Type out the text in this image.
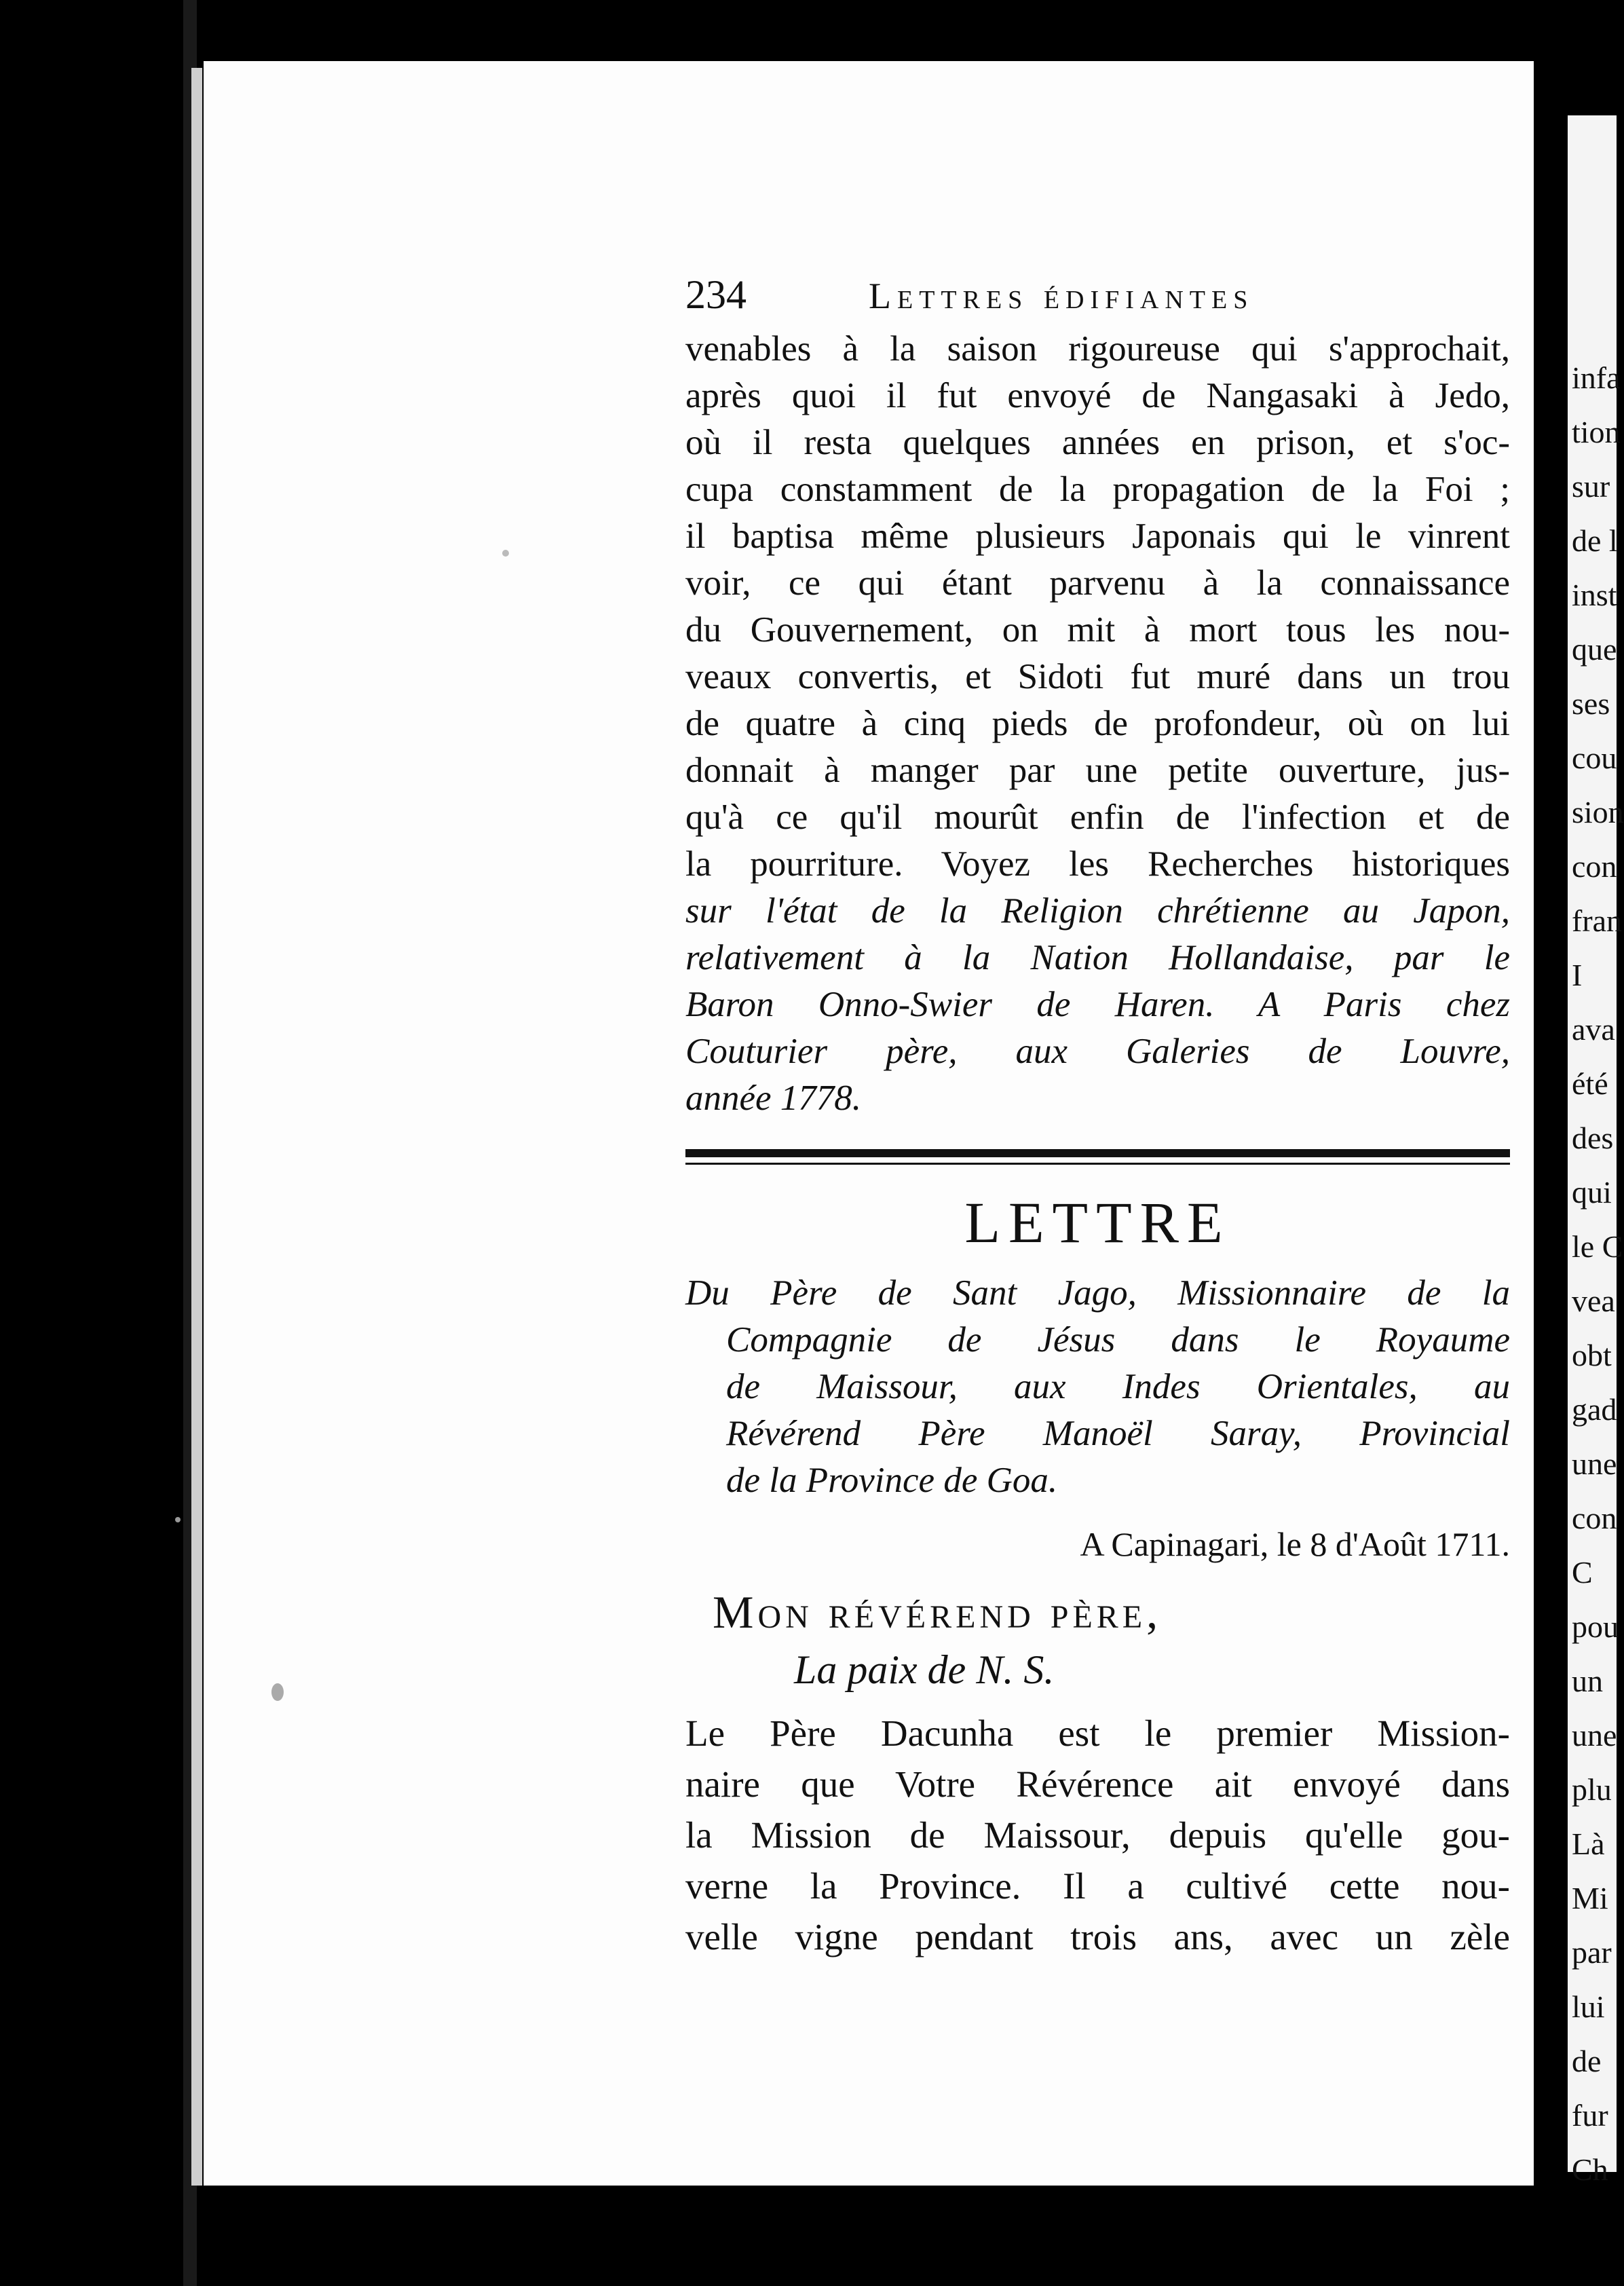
infa
tion
sur
de l
inst
que
ses
cou
sion
con
fran
I
ava
été
des
qui
le C
vea
obt
gad
une
con
C
pou
un
une
plu
Là
Mi
par
lui
de
fur
Ch
234	Lettres édifiantes
venables à la saison rigoureuse qui s'approchait,
après quoi il fut envoyé de Nangasaki à Jedo,
où il resta quelques années en prison, et s'oc-
cupa constamment de la propagation de la Foi ;
il baptisa même plusieurs Japonais qui le vinrent
voir, ce qui étant parvenu à la connaissance
du Gouvernement, on mit à mort tous les nou-
veaux convertis, et Sidoti fut muré dans un trou
de quatre à cinq pieds de profondeur, où on lui
donnait à manger par une petite ouverture, jus-
qu'à ce qu'il mourût enfin de l'infection et de
la pourriture. Voyez les Recherches historiques
sur l'état de la Religion chrétienne au Japon,
relativement à la Nation Hollandaise, par le
Baron Onno-Swier de Haren. A Paris chez
Couturier père, aux Galeries de Louvre,
année 1778.
LETTRE
Du Père de Sant Jago, Missionnaire de la
Compagnie de Jésus dans le Royaume
de Maissour, aux Indes Orientales, au
Révérend Père Manoël Saray, Provincial
de la Province de Goa.
A Capinagari, le 8 d'Août 1711.
Mon révérend père,
La paix de N. S.
Le Père Dacunha est le premier Mission-
naire que Votre Révérence ait envoyé dans
la Mission de Maissour, depuis qu'elle gou-
verne la Province. Il a cultivé cette nou-
velle vigne pendant trois ans, avec un zèle
